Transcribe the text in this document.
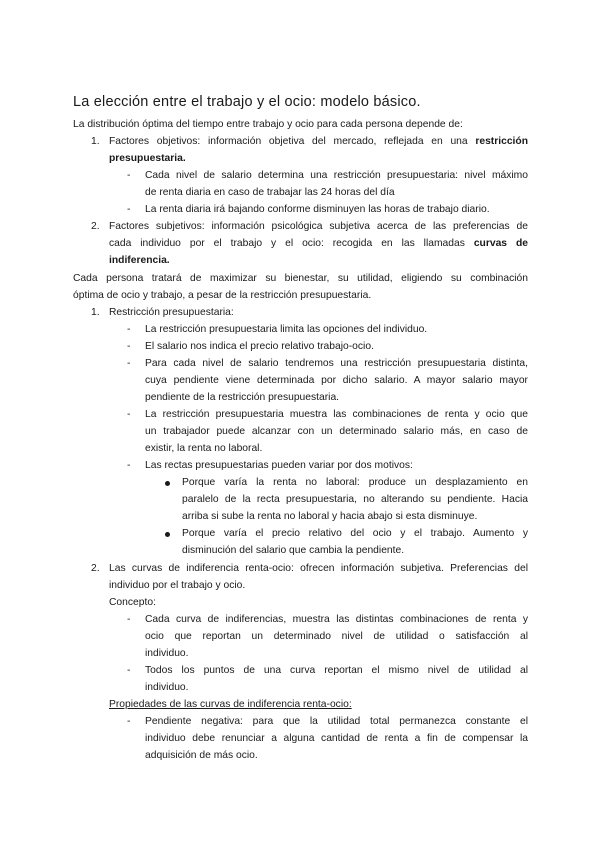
La elección entre el trabajo y el ocio: modelo básico.
La distribución óptima del tiempo entre trabajo y ocio para cada persona depende de:
1. Factores objetivos: información objetiva del mercado, reflejada en una restricción
presupuestaria.
- Cada nivel de salario determina una restricción presupuestaria: nivel máximo
de renta diaria en caso de trabajar las 24 horas del día
- La renta diaria irá bajando conforme disminuyen las horas de trabajo diario.
2. Factores subjetivos: información psicológica subjetiva acerca de las preferencias de
cada individuo por el trabajo y el ocio: recogida en las llamadas curvas de
indiferencia.
Cada persona tratará de maximizar su bienestar, su utilidad, eligiendo su combinación
óptima de ocio y trabajo, a pesar de la restricción presupuestaria.
1. Restricción presupuestaria:
- La restricción presupuestaria limita las opciones del individuo.
- El salario nos indica el precio relativo trabajo-ocio.
- Para cada nivel de salario tendremos una restricción presupuestaria distinta,
cuya pendiente viene determinada por dicho salario. A mayor salario mayor
pendiente de la restricción presupuestaria.
- La restricción presupuestaria muestra las combinaciones de renta y ocio que
un trabajador puede alcanzar con un determinado salario más, en caso de
existir, la renta no laboral.
- Las rectas presupuestarias pueden variar por dos motivos:
Porque varía la renta no laboral: produce un desplazamiento en
paralelo de la recta presupuestaria, no alterando su pendiente. Hacia
arriba si sube la renta no laboral y hacia abajo si esta disminuye.
Porque varía el precio relativo del ocio y el trabajo. Aumento y
disminución del salario que cambia la pendiente.
2. Las curvas de indiferencia renta-ocio: ofrecen información subjetiva. Preferencias del
individuo por el trabajo y ocio.
Concepto:
- Cada curva de indiferencias, muestra las distintas combinaciones de renta y
ocio que reportan un determinado nivel de utilidad o satisfacción al
individuo.
- Todos los puntos de una curva reportan el mismo nivel de utilidad al
individuo.
Propiedades de las curvas de indiferencia renta-ocio:
- Pendiente negativa: para que la utilidad total permanezca constante el
individuo debe renunciar a alguna cantidad de renta a fin de compensar la
adquisición de más ocio.
